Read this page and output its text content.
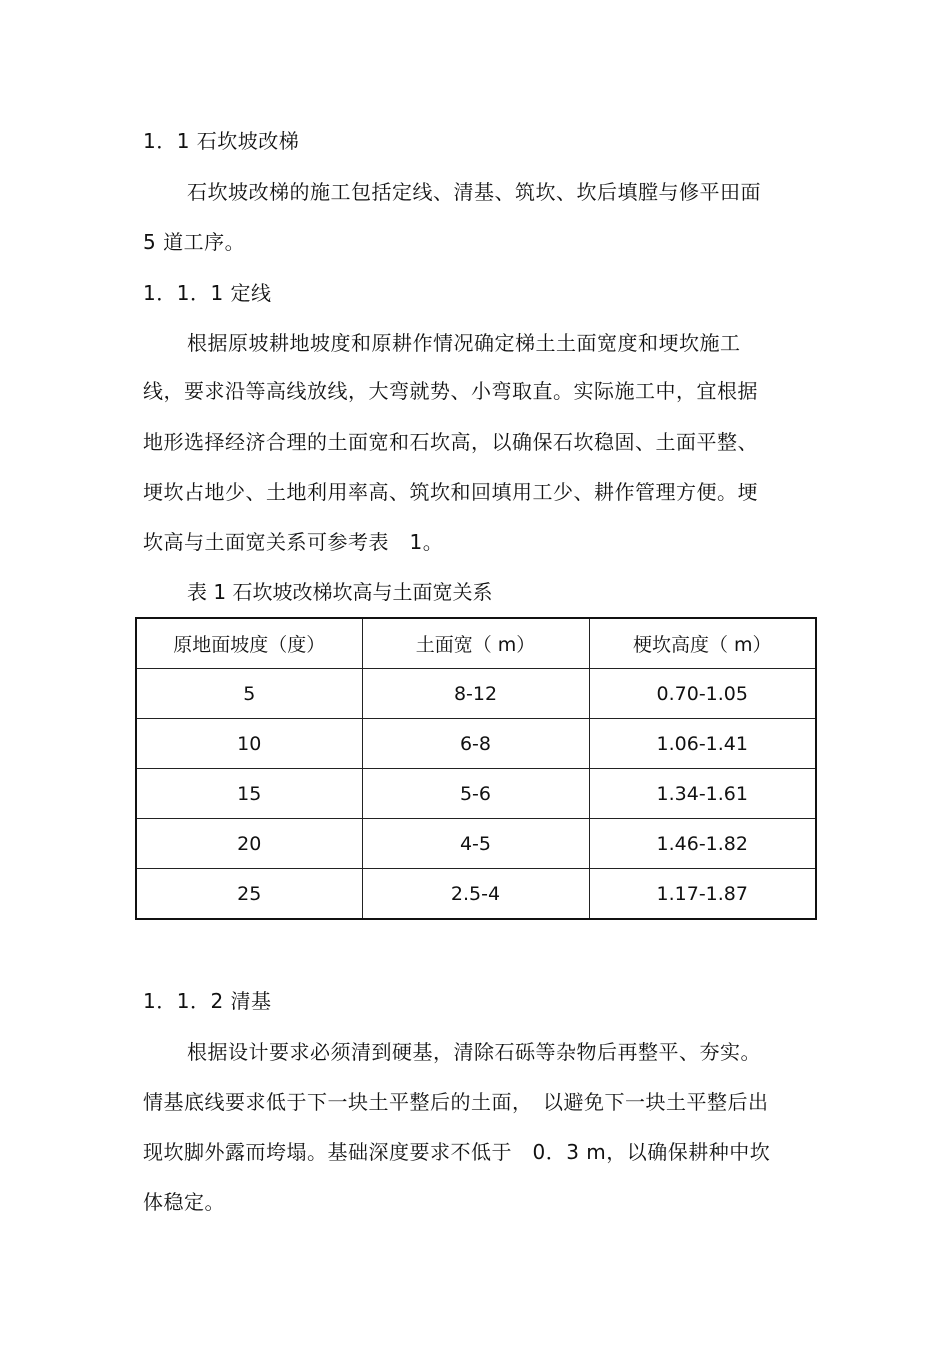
1．1 石坎坡改梯
石坎坡改梯的施工包括定线、清基、筑坎、坎后填膛与修平田面
5 道工序。
1．1．1 定线
根据原坡耕地坡度和原耕作情况确定梯土土面宽度和埂坎施工
线，要求沿等高线放线，大弯就势、小弯取直。实际施工中，宜根据
地形选择经济合理的土面宽和石坎高，以确保石坎稳固、土面平整、
埂坎占地少、土地利用率高、筑坎和回填用工少、耕作管理方便。埂
坎高与土面宽关系可参考表　1。
表 1 石坎坡改梯坎高与土面宽关系
原地面坡度（度）	土面宽（ m）	梗坎高度（ m）
5	8-12	0.70-1.05
10	6-8	1.06-1.41
15	5-6	1.34-1.61
20	4-5	1.46-1.82
25	2.5-4	1.17-1.87
1．1．2 清基
根据设计要求必须清到硬基，清除石砾等杂物后再整平、夯实。
情基底线要求低于下一块土平整后的土面，　以避免下一块土平整后出
现坎脚外露而垮塌。基础深度要求不低于　0．3 m，以确保耕种中坎
体稳定。
